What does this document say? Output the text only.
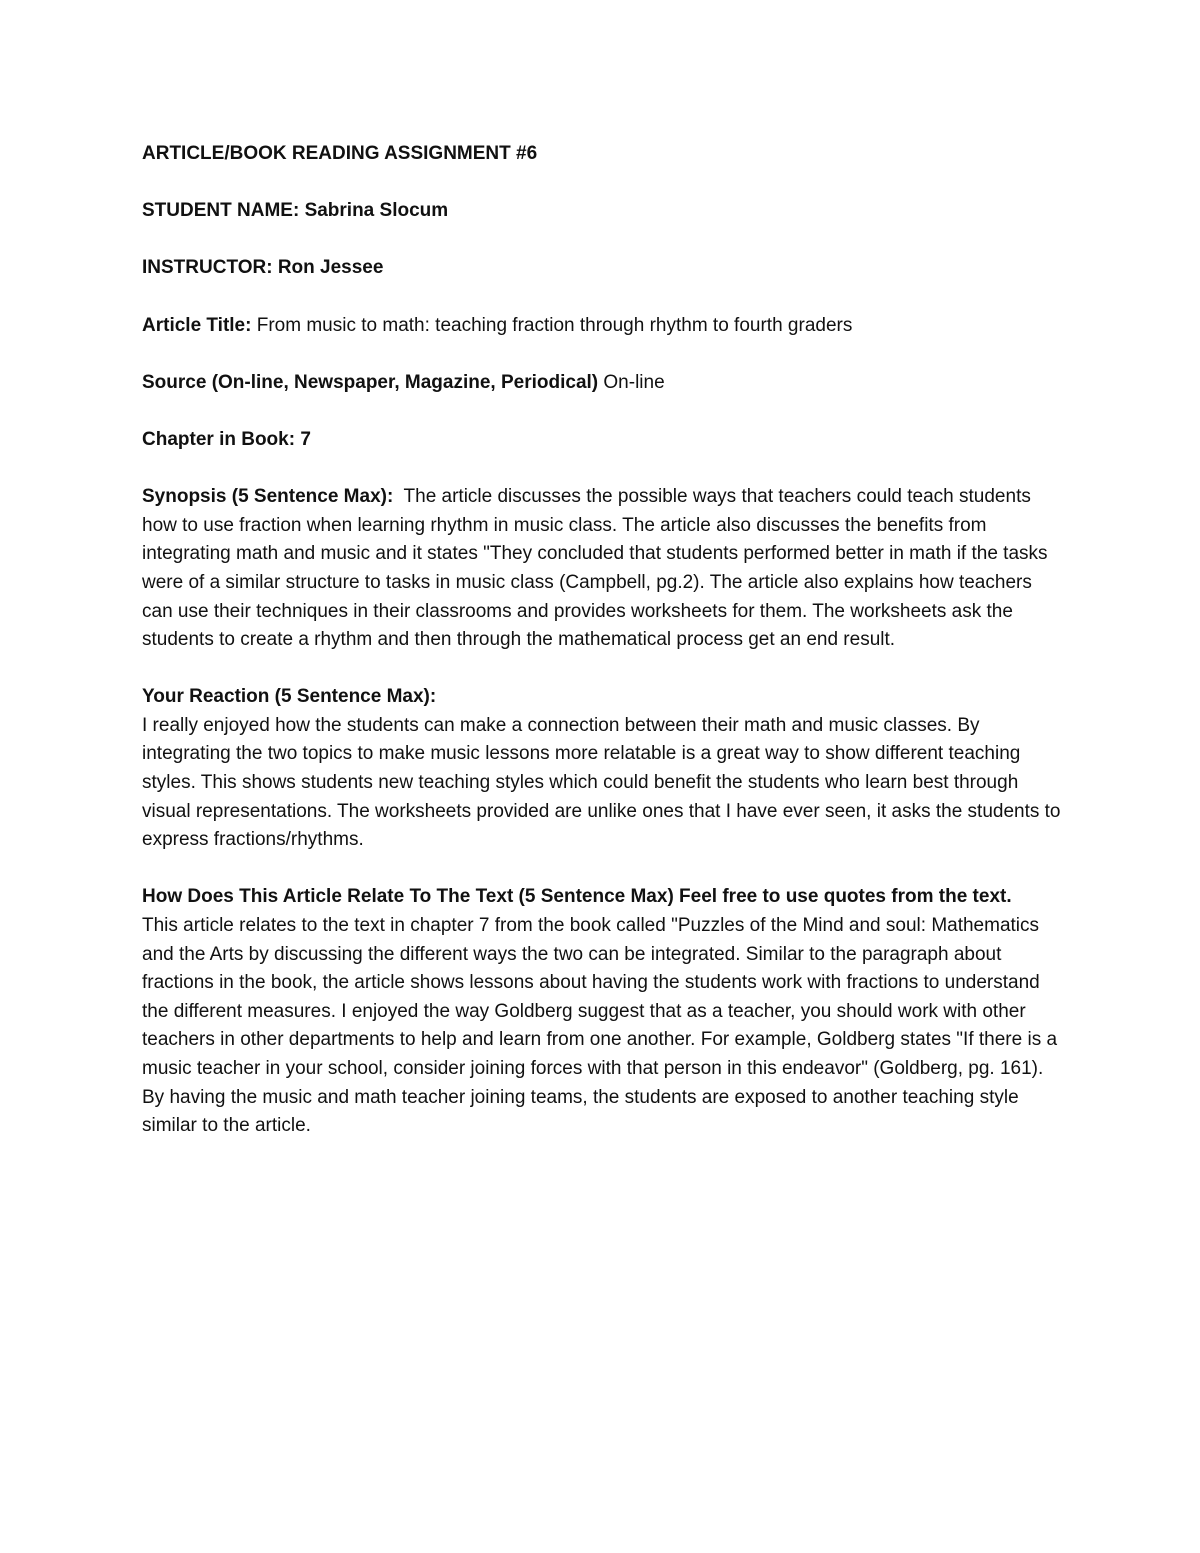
ARTICLE/BOOK READING ASSIGNMENT #6

STUDENT NAME: Sabrina Slocum

INSTRUCTOR: Ron Jessee

Article Title: From music to math: teaching fraction through rhythm to fourth graders

Source (On-line, Newspaper, Magazine, Periodical) On-line

Chapter in Book: 7

Synopsis (5 Sentence Max): The article discusses the possible ways that teachers could teach students how to use fraction when learning rhythm in music class. The article also discusses the benefits from integrating math and music and it states "They concluded that students performed better in math if the tasks were of a similar structure to tasks in music class (Campbell, pg.2). The article also explains how teachers can use their techniques in their classrooms and provides worksheets for them. The worksheets ask the students to create a rhythm and then through the mathematical process get an end result.

Your Reaction (5 Sentence Max):

I really enjoyed how the students can make a connection between their math and music classes. By integrating the two topics to make music lessons more relatable is a great way to show different teaching styles. This shows students new teaching styles which could benefit the students who learn best through visual representations. The worksheets provided are unlike ones that I have ever seen, it asks the students to express fractions/rhythms.

How Does This Article Relate To The Text (5 Sentence Max) Feel free to use quotes from the text.

This article relates to the text in chapter 7 from the book called "Puzzles of the Mind and soul: Mathematics and the Arts by discussing the different ways the two can be integrated. Similar to the paragraph about fractions in the book, the article shows lessons about having the students work with fractions to understand the different measures. I enjoyed the way Goldberg suggest that as a teacher, you should work with other teachers in other departments to help and learn from one another. For example, Goldberg states "If there is a music teacher in your school, consider joining forces with that person in this endeavor" (Goldberg, pg. 161). By having the music and math teacher joining teams, the students are exposed to another teaching style similar to the article.
